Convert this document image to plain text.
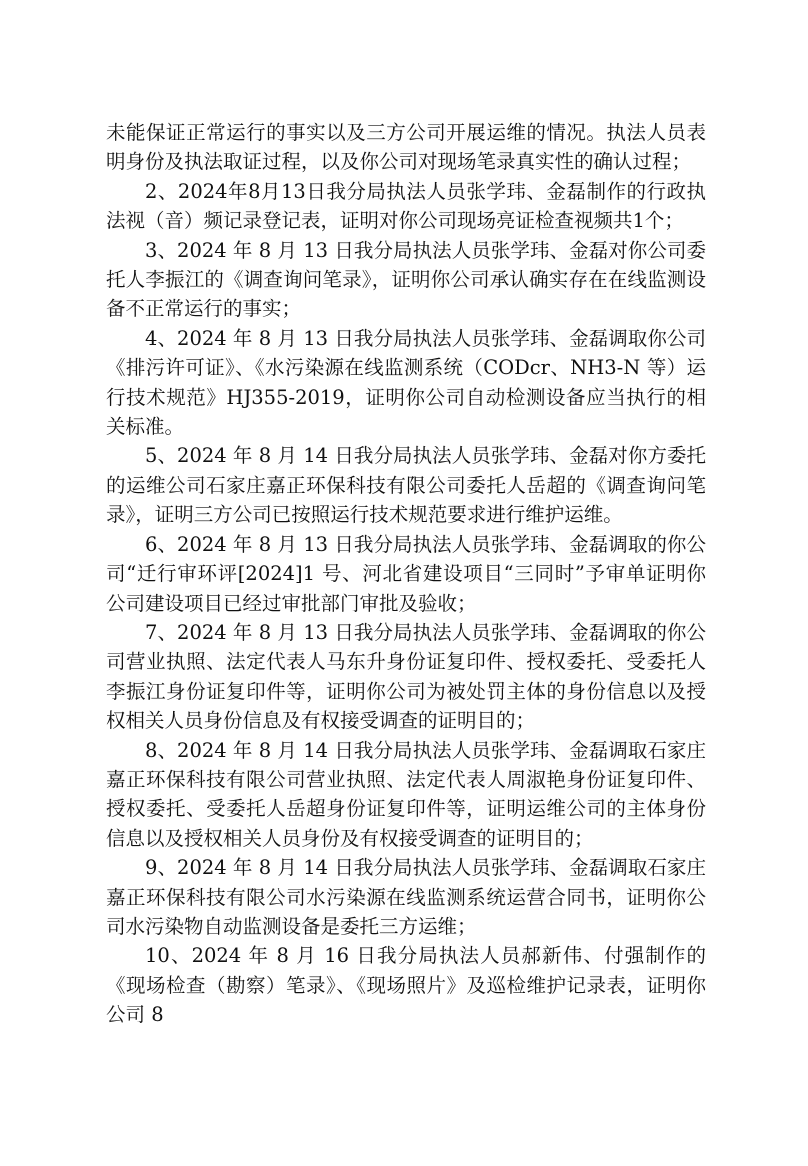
未能保证正常运行的事实以及三方公司开展运维的情况。执法人员表明身份及执法取证过程，以及你公司对现场笔录真实性的确认过程；

2、2024年8月13日我分局执法人员张学玮、金磊制作的行政执法视（音）频记录登记表，证明对你公司现场亮证检查视频共1个；

3、2024 年 8 月 13 日我分局执法人员张学玮、金磊对你公司委托人李振江的《调查询问笔录》，证明你公司承认确实存在在线监测设备不正常运行的事实；

4、2024 年 8 月 13 日我分局执法人员张学玮、金磊调取你公司《排污许可证》、《水污染源在线监测系统（CODcr、NH3-N 等）运行技术规范》HJ355-2019，证明你公司自动检测设备应当执行的相关标准。

5、2024 年 8 月 14 日我分局执法人员张学玮、金磊对你方委托的运维公司石家庄嘉正环保科技有限公司委托人岳超的《调查询问笔录》，证明三方公司已按照运行技术规范要求进行维护运维。

6、2024 年 8 月 13 日我分局执法人员张学玮、金磊调取的你公司“迁行审环评[2024]1 号、河北省建设项目“三同时”予审单证明你公司建设项目已经过审批部门审批及验收；

7、2024 年 8 月 13 日我分局执法人员张学玮、金磊调取的你公司营业执照、法定代表人马东升身份证复印件、授权委托、受委托人李振江身份证复印件等，证明你公司为被处罚主体的身份信息以及授权相关人员身份信息及有权接受调查的证明目的；

8、2024 年 8 月 14 日我分局执法人员张学玮、金磊调取石家庄嘉正环保科技有限公司营业执照、法定代表人周淑艳身份证复印件、授权委托、受委托人岳超身份证复印件等，证明运维公司的主体身份信息以及授权相关人员身份及有权接受调查的证明目的；

9、2024 年 8 月 14 日我分局执法人员张学玮、金磊调取石家庄嘉正环保科技有限公司水污染源在线监测系统运营合同书，证明你公司水污染物自动监测设备是委托三方运维；

10、2024 年 8 月 16 日我分局执法人员郝新伟、付强制作的《现场检查（勘察）笔录》、《现场照片》及巡检维护记录表，证明你公司 8
